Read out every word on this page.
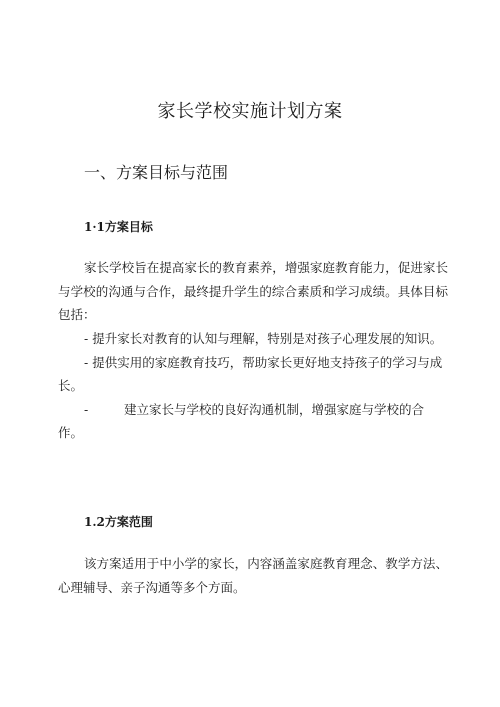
家长学校实施计划方案
一、方案目标与范围
1·1方案目标

家长学校旨在提高家长的教育素养，增强家庭教育能力，促进家长与学校的沟通与合作，最终提升学生的综合素质和学习成绩。具体目标包括：

- 提升家长对教育的认知与理解，特别是对孩子心理发展的知识。
- 提供实用的家庭教育技巧，帮助家长更好地支持孩子的学习与成长。
-	建立家长与学校的良好沟通机制，增强家庭与学校的合作。
1.2方案范围

该方案适用于中小学的家长，内容涵盖家庭教育理念、教学方法、心理辅导、亲子沟通等多个方面。
